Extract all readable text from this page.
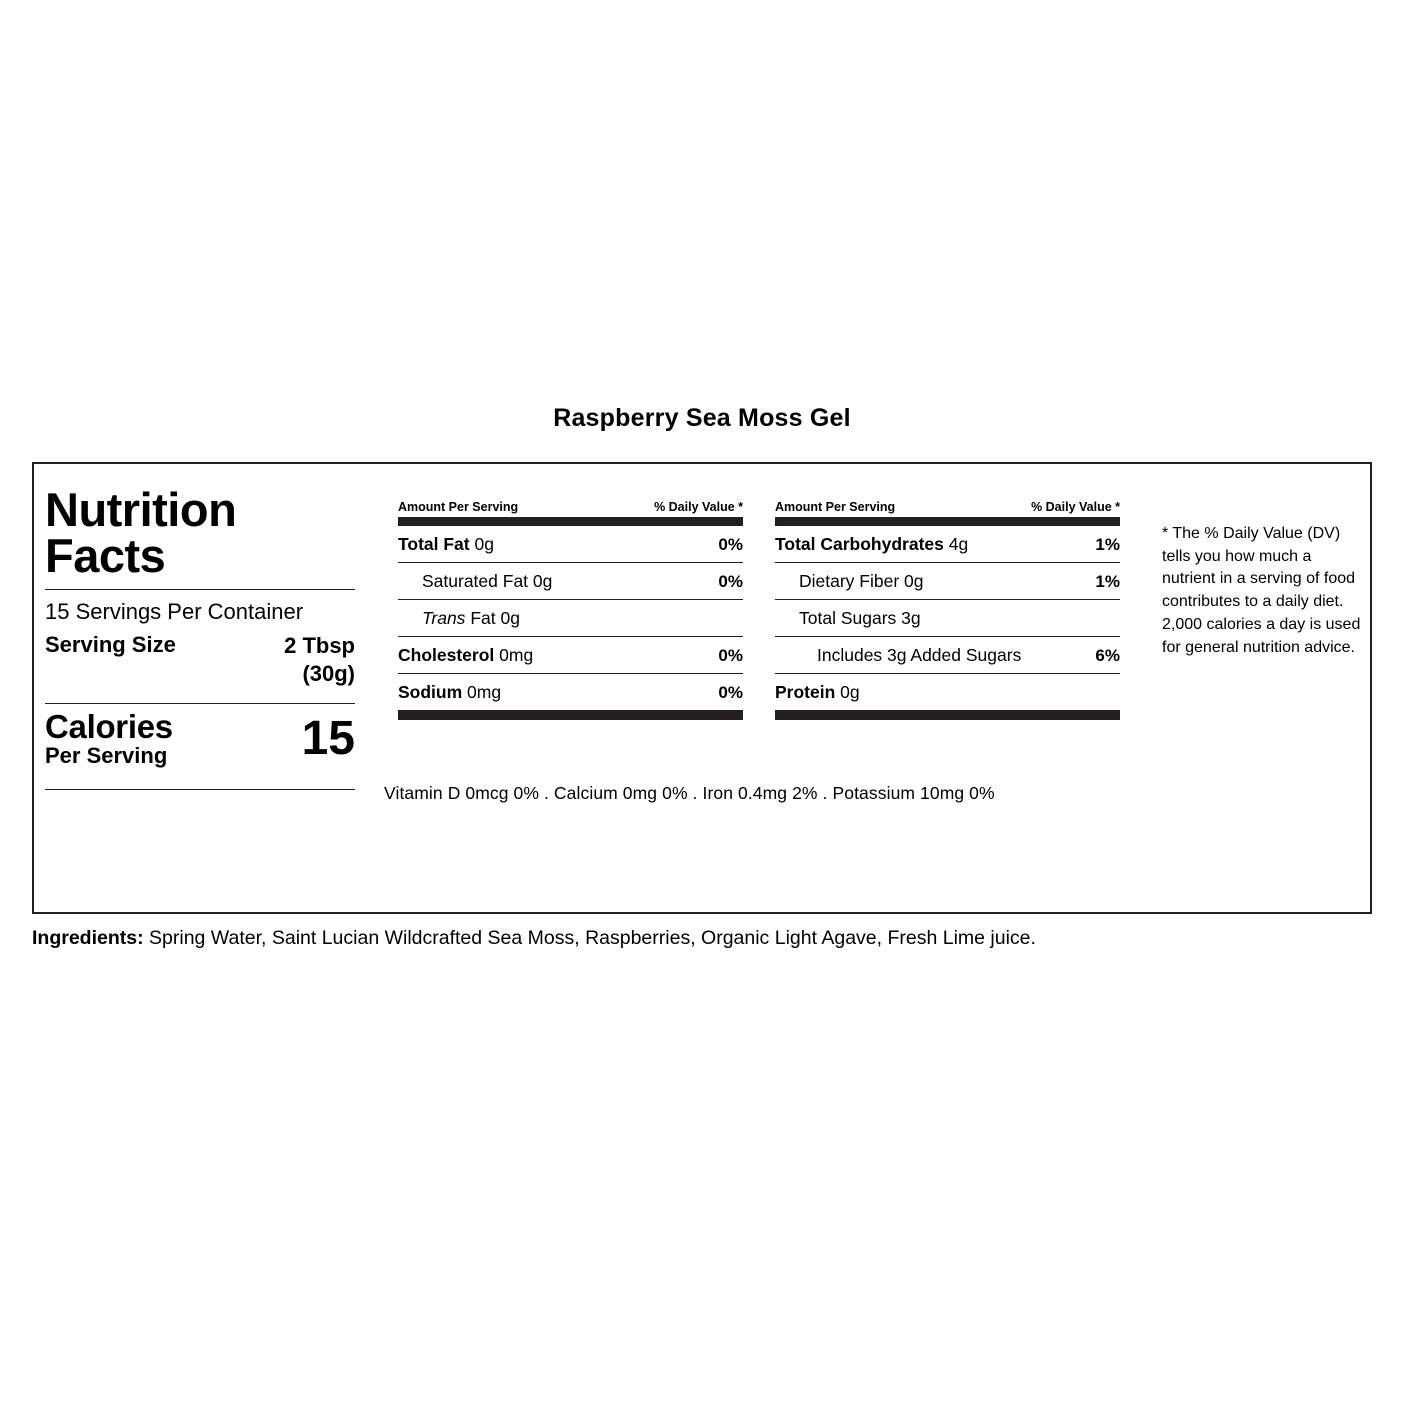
Raspberry Sea Moss Gel
Nutrition
Facts
15 Servings Per Container
Serving Size	2 Tbsp
(30g)
Calories
Per Serving	15
Amount Per Serving	% Daily Value *
Total Fat 0g	0%
Saturated Fat 0g	0%
Trans Fat 0g
Cholesterol 0mg	0%
Sodium 0mg	0%
Amount Per Serving	% Daily Value *
Total Carbohydrates 4g	1%
Dietary Fiber 0g	1%
Total Sugars 3g
Includes 3g Added Sugars	6%
Protein 0g
Vitamin D 0mcg 0% . Calcium 0mg 0% . Iron 0.4mg 2% . Potassium 10mg 0%
* The % Daily Value (DV) tells you how much a nutrient in a serving of food contributes to a daily diet. 2,000 calories a day is used for general nutrition advice.
Ingredients: Spring Water, Saint Lucian Wildcrafted Sea Moss, Raspberries, Organic Light Agave, Fresh Lime juice.
